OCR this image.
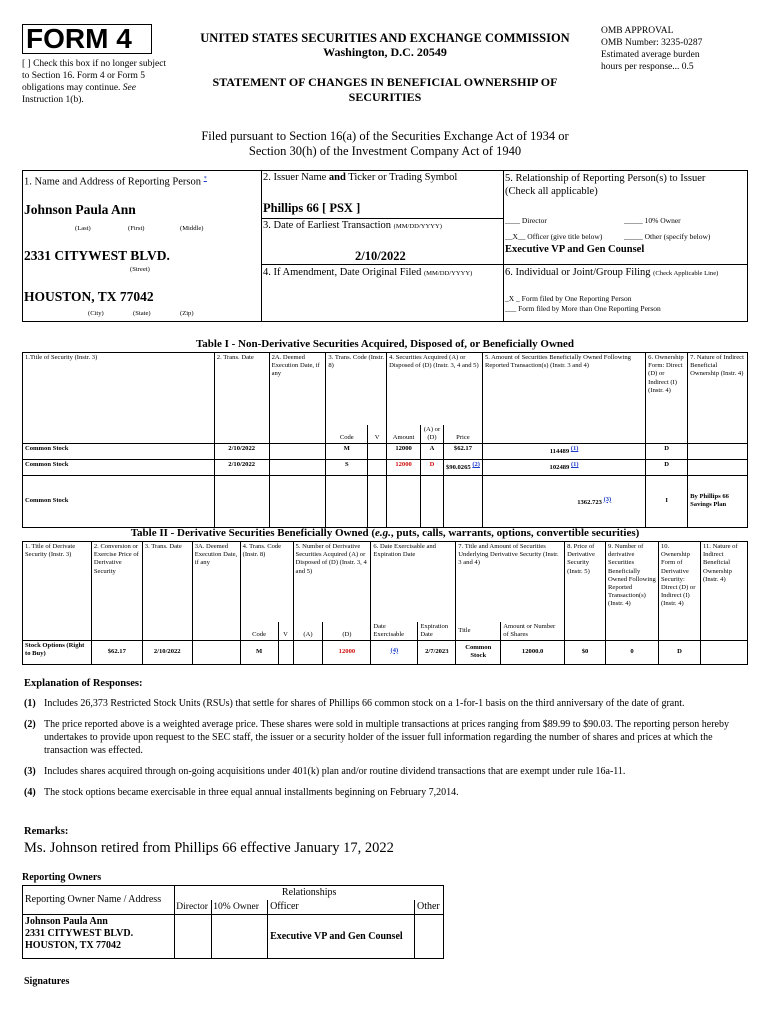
FORM 4
[ ] Check this box if no longer subject to Section 16. Form 4 or Form 5 obligations may continue. See Instruction 1(b).
UNITED STATES SECURITIES AND EXCHANGE COMMISSION
Washington, D.C. 20549
STATEMENT OF CHANGES IN BENEFICIAL OWNERSHIP OF SECURITIES
OMB APPROVAL
OMB Number: 3235-0287
Estimated average burden
hours per response... 0.5
Filed pursuant to Section 16(a) of the Securities Exchange Act of 1934 or
Section 30(h) of the Investment Company Act of 1940
1. Name and Address of Reporting Person *
Johnson Paula Ann
(Last)	(First)	(Middle)
2331 CITYWEST BLVD.
(Street)
HOUSTON, TX 77042
(City)	(State)	(Zip)
2. Issuer Name and Ticker or Trading Symbol
Phillips 66 [ PSX ]
3. Date of Earliest Transaction (MM/DD/YYYY)
2/10/2022
4. If Amendment, Date Original Filed (MM/DD/YYYY)
5. Relationship of Reporting Person(s) to Issuer
(Check all applicable)
____ Director	_____ 10% Owner
__X__ Officer (give title below)	_____ Other (specify below)
Executive VP and Gen Counsel
6. Individual or Joint/Group Filing (Check Applicable Line)
_X _ Form filed by One Reporting Person
___ Form filed by More than One Reporting Person
Table I - Non-Derivative Securities Acquired, Disposed of, or Beneficially Owned
1.Title of Security (Instr. 3)	2. Trans. Date	2A. Deemed Execution Date, if any	3. Trans. Code (Instr. 8)		4. Securities Acquired (A) or Disposed of (D) (Instr. 3, 4 and 5)			5. Amount of Securities Beneficially Owned Following Reported Transaction(s) (Instr. 3 and 4)	6. Ownership Form: Direct (D) or Indirect (I) (Instr. 4)	7. Nature of Indirect Beneficial Ownership (Instr. 4)
			Code	V	Amount	(A) or (D)	Price			
Common Stock	2/10/2022		M		12000	A	$62.17	114489 (1)	D	
Common Stock	2/10/2022		S		12000	D	$90.0265 (2)	102489 (1)	D	
Common Stock								1362.723 (3)	I	By Phillips 66 Savings Plan
Table II - Derivative Securities Beneficially Owned (e.g., puts, calls, warrants, options, convertible securities)
1. Title of Derivate Security (Instr. 3)	2. Conversion or Exercise Price of Derivative Security	3. Trans. Date	3A. Deemed Execution Date, if any	4. Trans. Code (Instr. 8)		5. Number of Derivative Securities Acquired (A) or Disposed of (D) (Instr. 3, 4 and 5)		6. Date Exercisable and Expiration Date		7. Title and Amount of Securities Underlying Derivative Security (Instr. 3 and 4)		8. Price of Derivative Security (Instr. 5)	9. Number of derivative Securities Beneficially Owned Following Reported Transaction(s) (Instr. 4)	10. Ownership Form of Derivative Security: Direct (D) or Indirect (I) (Instr. 4)	11. Nature of Indirect Beneficial Ownership (Instr. 4)
				Code	V	(A)	(D)	Date Exercisable	Expiration Date	Title	Amount or Number of Shares				
Stock Options (Right to Buy)	$62.17	2/10/2022		M			12000	(4)	2/7/2023	Common Stock	12000.0	$0	0	D	
Explanation of Responses:
(1) Includes 26,373 Restricted Stock Units (RSUs) that settle for shares of Phillips 66 common stock on a 1-for-1 basis on the third anniversary of the date of grant.
(2) The price reported above is a weighted average price. These shares were sold in multiple transactions at prices ranging from $89.99 to $90.03. The reporting person hereby undertakes to provide upon request to the SEC staff, the issuer or a security holder of the issuer full information regarding the number of shares and prices at which the transaction was effected.
(3) Includes shares acquired through on-going acquisitions under 401(k) plan and/or routine dividend transactions that are exempt under rule 16a-11.
(4) The stock options became exercisable in three equal annual installments beginning on February 7,2014.
Remarks:
Ms. Johnson retired from Phillips 66 effective January 17, 2022
Reporting Owners
Reporting Owner Name / Address	Relationships			
	Director	10% Owner	Officer	Other

Johnson Paula Ann
2331 CITYWEST BLVD.
HOUSTON, TX 77042			Executive VP and Gen Counsel	
Signatures
